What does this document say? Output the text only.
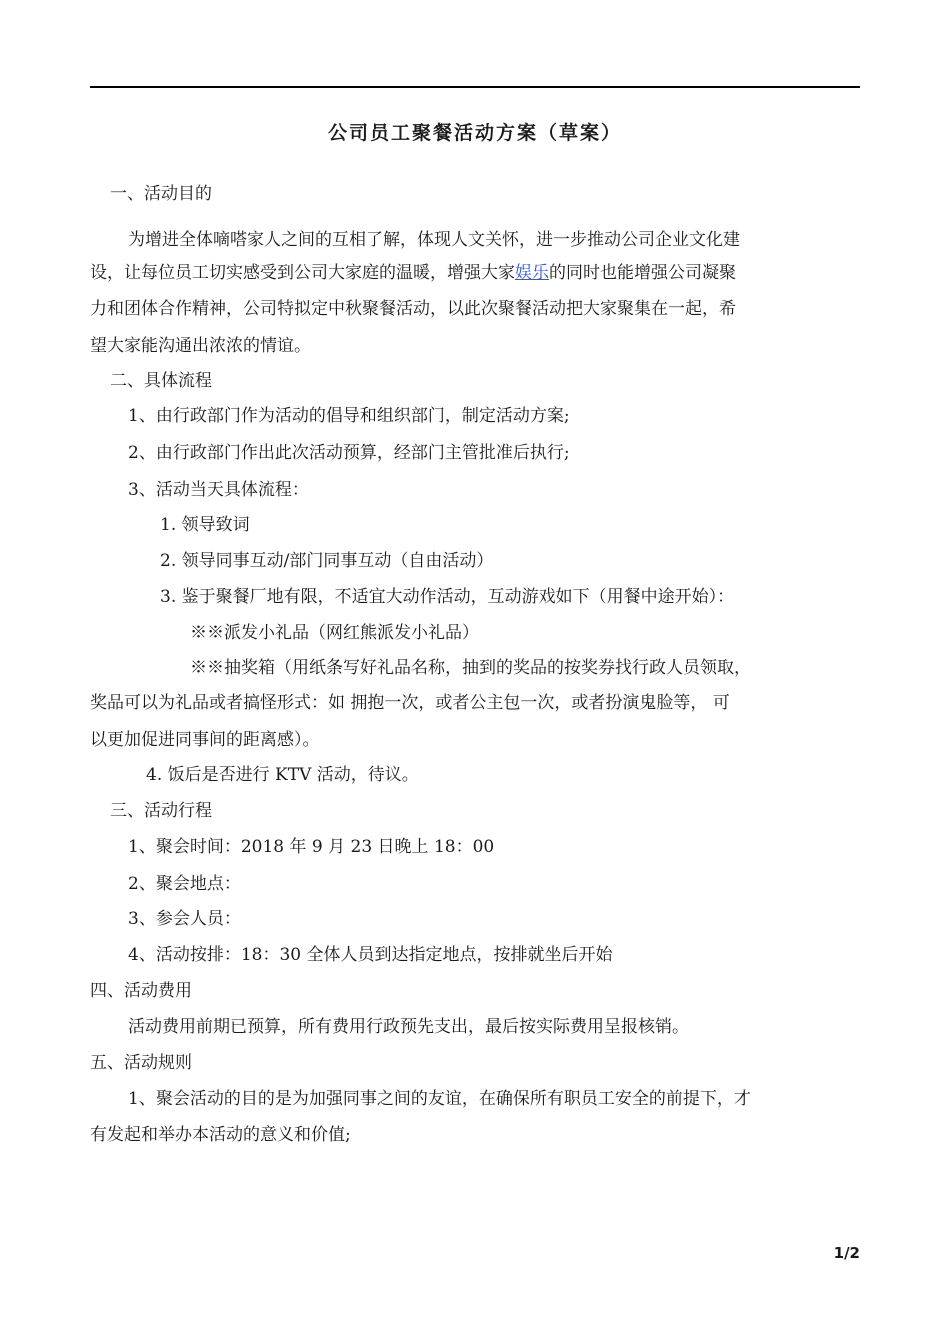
公司员工聚餐活动方案（草案）

一、活动目的

为增进全体嘀嗒家人之间的互相了解，体现人文关怀，进一步推动公司企业文化建

设，让每位员工切实感受到公司大家庭的温暖，增强大家娱乐的同时也能增强公司凝聚

力和团体合作精神，公司特拟定中秋聚餐活动，以此次聚餐活动把大家聚集在一起，希

望大家能沟通出浓浓的情谊。

二、具体流程

1、由行政部门作为活动的倡导和组织部门，制定活动方案;

2、由行政部门作出此次活动预算，经部门主管批准后执行;

3、活动当天具体流程：

1. 领导致词

2. 领导同事互动/部门同事互动（自由活动）

3. 鉴于聚餐厂地有限，不适宜大动作活动，互动游戏如下（用餐中途开始）：

※※派发小礼品（网红熊派发小礼品）

※※抽奖箱（用纸条写好礼品名称，抽到的奖品的按奖券找行政人员领取，

奖品可以为礼品或者搞怪形式：如 拥抱一次，或者公主包一次，或者扮演鬼脸等， 可

以更加促进同事间的距离感）。

4. 饭后是否进行 KTV 活动，待议。

三、活动行程

1、聚会时间：2018 年 9 月 23 日晚上 18：00

2、聚会地点：

3、参会人员：

4、活动按排：18：30 全体人员到达指定地点，按排就坐后开始

四、活动费用

活动费用前期已预算，所有费用行政预先支出，最后按实际费用呈报核销。

五、活动规则

1、聚会活动的目的是为加强同事之间的友谊，在确保所有职员工安全的前提下，才

有发起和举办本活动的意义和价值;

1/2
